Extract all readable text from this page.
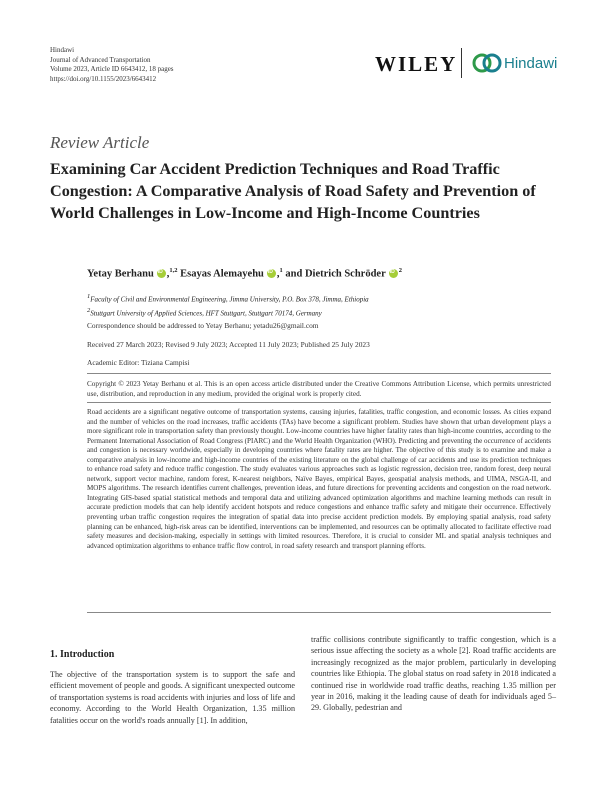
Hindawi
Journal of Advanced Transportation
Volume 2023, Article ID 6643412, 18 pages
https://doi.org/10.1155/2023/6643412
WILEY	Hindawi
Review Article
Examining Car Accident Prediction Techniques and Road Traffic Congestion: A Comparative Analysis of Road Safety and Prevention of World Challenges in Low-Income and High-Income Countries
Yetay Berhanu iD ,$^{1,2}$ Esayas Alemayehu iD ,$^1$ and Dietrich Schröder iD $^2$
$^1$Faculty of Civil and Environmental Engineering, Jimma University, P.O. Box 378, Jimma, Ethiopia
$^2$Stuttgart University of Applied Sciences, HFT Stuttgart, Stuttgart 70174, Germany
Correspondence should be addressed to Yetay Berhanu; yetadu26@gmail.com
Received 27 March 2023; Revised 9 July 2023; Accepted 11 July 2023; Published 25 July 2023
Academic Editor: Tiziana Campisi
Copyright © 2023 Yetay Berhanu et al. This is an open access article distributed under the Creative Commons Attribution License, which permits unrestricted use, distribution, and reproduction in any medium, provided the original work is properly cited.
Road accidents are a significant negative outcome of transportation systems, causing injuries, fatalities, traffic congestion, and economic losses. As cities expand and the number of vehicles on the road increases, traffic accidents (TAs) have become a significant problem. Studies have shown that urban development plays a more significant role in transportation safety than previously thought. Low-income countries have higher fatality rates than high-income countries, according to the Permanent International Association of Road Congress (PIARC) and the World Health Organization (WHO). Predicting and preventing the occurrence of accidents and congestion is necessary worldwide, especially in developing countries where fatality rates are higher. The objective of this study is to examine and make a comparative analysis in low-income and high-income countries of the existing literature on the global challenge of car accidents and use its prediction techniques to enhance road safety and reduce traffic congestion. The study evaluates various approaches such as logistic regression, decision tree, random forest, deep neural network, support vector machine, random forest, K-nearest neighbors, Naïve Bayes, empirical Bayes, geospatial analysis methods, and UIMA, NSGA-II, and MOPS algorithms. The research identifies current challenges, prevention ideas, and future directions for preventing accidents and congestion on the road network. Integrating GIS-based spatial statistical methods and temporal data and utilizing advanced optimization algorithms and machine learning methods can result in accurate prediction models that can help identify accident hotspots and reduce congestions and enhance traffic safety and mitigate their occurrence. Effectively preventing urban traffic congestion requires the integration of spatial data into precise accident prediction models. By employing spatial analysis, road safety planning can be enhanced, high-risk areas can be identified, interventions can be implemented, and resources can be optimally allocated to facilitate effective road safety measures and decision-making, especially in settings with limited resources. Therefore, it is crucial to consider ML and spatial analysis techniques and advanced optimization algorithms to enhance traffic flow control, in road safety research and transport planning efforts.
1. Introduction
The objective of the transportation system is to support the safe and efficient movement of people and goods. A significant unexpected outcome of transportation systems is road accidents with injuries and loss of life and economy. According to the World Health Organization, 1.35 million fatalities occur on the world's roads annually [1]. In addition,
traffic collisions contribute significantly to traffic congestion, which is a serious issue affecting the society as a whole [2]. Road traffic accidents are increasingly recognized as the major problem, particularly in developing countries like Ethiopia. The global status on road safety in 2018 indicated a continued rise in worldwide road traffic deaths, reaching 1.35 million per year in 2016, making it the leading cause of death for individuals aged 5–29. Globally, pedestrian and
